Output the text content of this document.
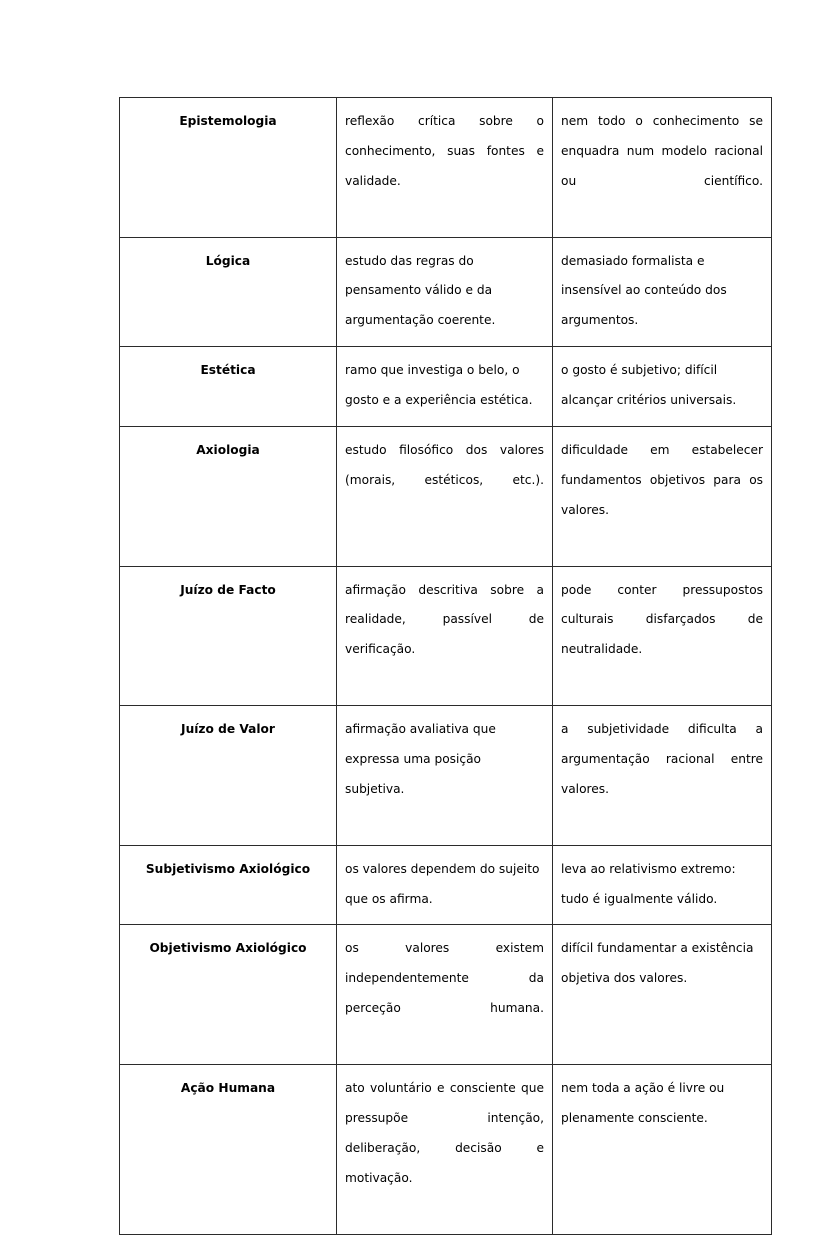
Epistemologia	reflexão crítica sobre o conhecimento, suas fontes e validade.	nem todo o conhecimento se enquadra num modelo racional ou científico.
Lógica	estudo das regras do pensamento válido e da argumentação coerente.	demasiado formalista e insensível ao conteúdo dos argumentos.
Estética	ramo que investiga o belo, o gosto e a experiência estética.	o gosto é subjetivo; difícil alcançar critérios universais.
Axiologia	estudo filosófico dos valores (morais, estéticos, etc.).	dificuldade em estabelecer fundamentos objetivos para os valores.
Juízo de Facto	afirmação descritiva sobre a realidade, passível de verificação.	pode conter pressupostos culturais disfarçados de neutralidade.
Juízo de Valor	afirmação avaliativa que expressa uma posição subjetiva.	a subjetividade dificulta a argumentação racional entre valores.
Subjetivismo Axiológico	os valores dependem do sujeito que os afirma.	leva ao relativismo extremo: tudo é igualmente válido.
Objetivismo Axiológico	os valores existem independentemente da perceção humana.	difícil fundamentar a existência objetiva dos valores.
Ação Humana	ato voluntário e consciente que pressupõe intenção, deliberação, decisão e motivação.	nem toda a ação é livre ou plenamente consciente.
